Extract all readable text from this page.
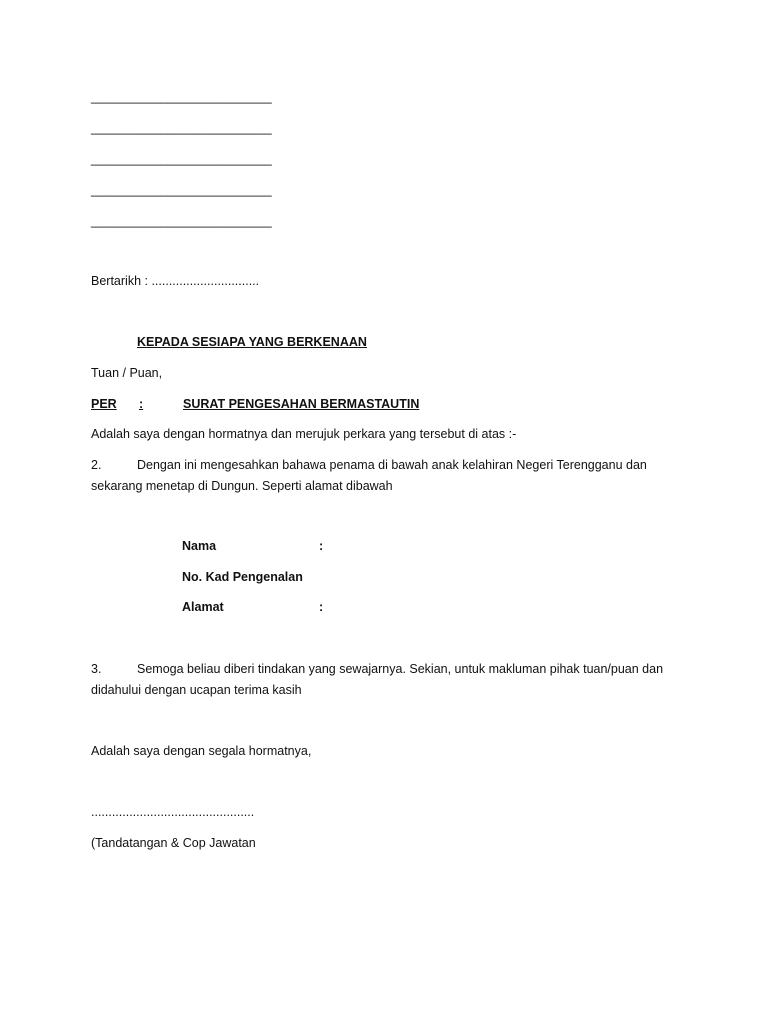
__________________________
__________________________
__________________________
__________________________
__________________________
Bertarikh : ...............................
KEPADA SESIAPA YANG BERKENAAN
Tuan / Puan,
PER :	SURAT PENGESAHAN BERMASTAUTIN
Adalah saya dengan hormatnya dan merujuk perkara yang tersebut di atas :-
2.	Dengan ini mengesahkan bahawa penama di bawah anak kelahiran Negeri Terengganu dan sekarang menetap di Dungun. Seperti alamat dibawah
Nama	:
No. Kad Pengenalan
Alamat	:
3.	Semoga beliau diberi tindakan yang sewajarnya. Sekian, untuk makluman pihak tuan/puan dan didahului dengan ucapan terima kasih
Adalah saya dengan segala hormatnya,
...............................................
(Tandatangan & Cop Jawatan
